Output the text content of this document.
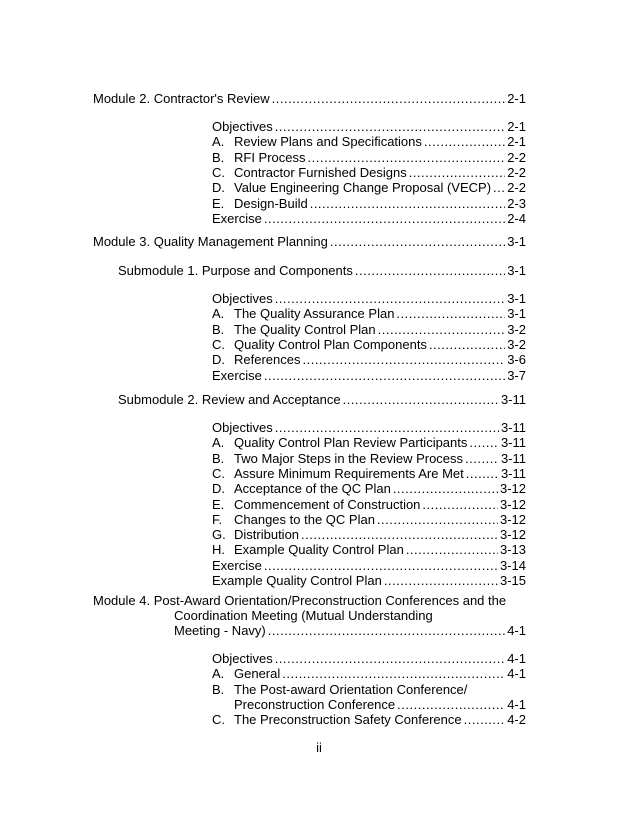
Module 2. Contractor's Review .....	2-1
Objectives .....	2-1
A. Review Plans and Specifications .....	2-1
B. RFI Process .....	2-2
C. Contractor Furnished Designs .....	2-2
D. Value Engineering Change Proposal (VECP) ..... 2-2
E. Design-Build .....	2-3
Exercise .....	2-4
Module 3. Quality Management Planning .....	3-1
Submodule 1. Purpose and Components .....	3-1
Objectives .....	3-1
A. The Quality Assurance Plan .....	3-1
B. The Quality Control Plan .....	3-2
C. Quality Control Plan Components .....	3-2
D. References .....	3-6
Exercise .....	3-7
Submodule 2. Review and Acceptance .....	3-11
Objectives .....	3-11
A. Quality Control Plan Review Participants .....	3-11
B. Two Major Steps in the Review Process .....	3-11
C. Assure Minimum Requirements Are Met .....	3-11
D. Acceptance of the QC Plan .....	3-12
E. Commencement of Construction .....	3-12
F. Changes to the QC Plan .....	3-12
G. Distribution .....	3-12
H. Example Quality Control Plan .....	3-13
Exercise .....	3-14
Example Quality Control Plan .....	3-15
Module 4. Post-Award Orientation/Preconstruction Conferences and the
Coordination Meeting (Mutual Understanding
Meeting - Navy) .....	4-1
Objectives .....	4-1
A. General .....	4-1
B. The Post-award Orientation Conference/
Preconstruction Conference .....	4-1
C. The Preconstruction Safety Conference .....	4-2
ii
